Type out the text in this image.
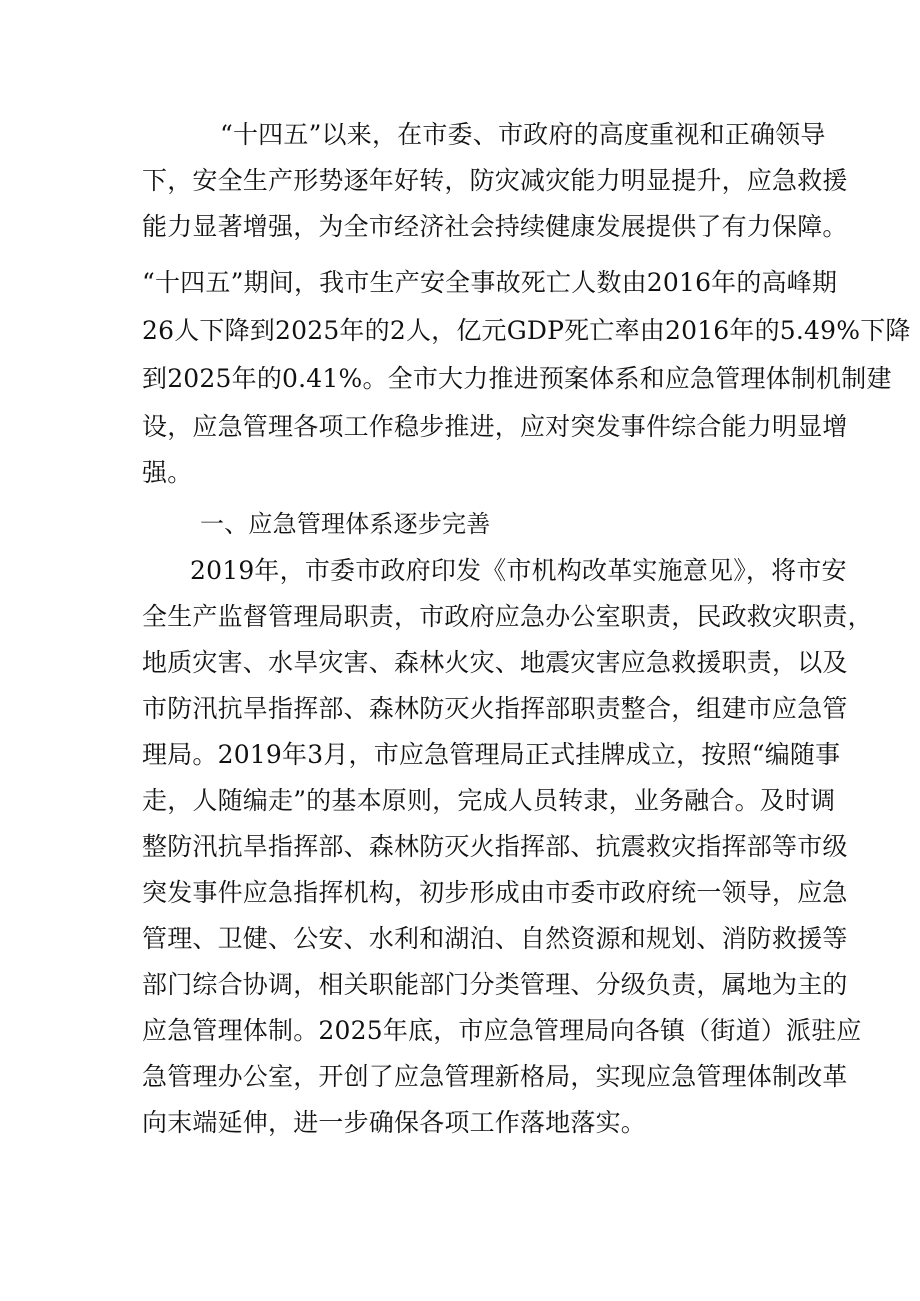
“十四五”以来，在市委、市政府的高度重视和正确领导

下，安全生产形势逐年好转，防灾减灾能力明显提升，应急救援

能力显著增强，为全市经济社会持续健康发展提供了有力保障。

“十四五”期间，我市生产安全事故死亡人数由2016年的高峰期

26人下降到2025年的2人，亿元GDP死亡率由2016年的5.49%下降

到2025年的0.41%。全市大力推进预案体系和应急管理体制机制建

设，应急管理各项工作稳步推进，应对突发事件综合能力明显增

强。

一、应急管理体系逐步完善

2019年，市委市政府印发《市机构改革实施意见》，将市安

全生产监督管理局职责，市政府应急办公室职责，民政救灾职责，

地质灾害、水旱灾害、森林火灾、地震灾害应急救援职责，以及

市防汛抗旱指挥部、森林防灭火指挥部职责整合，组建市应急管

理局。2019年3月，市应急管理局正式挂牌成立，按照“编随事

走，人随编走”的基本原则，完成人员转隶，业务融合。及时调

整防汛抗旱指挥部、森林防灭火指挥部、抗震救灾指挥部等市级

突发事件应急指挥机构，初步形成由市委市政府统一领导，应急

管理、卫健、公安、水利和湖泊、自然资源和规划、消防救援等

部门综合协调，相关职能部门分类管理、分级负责，属地为主的

应急管理体制。2025年底，市应急管理局向各镇（街道）派驻应

急管理办公室，开创了应急管理新格局，实现应急管理体制改革

向末端延伸，进一步确保各项工作落地落实。
